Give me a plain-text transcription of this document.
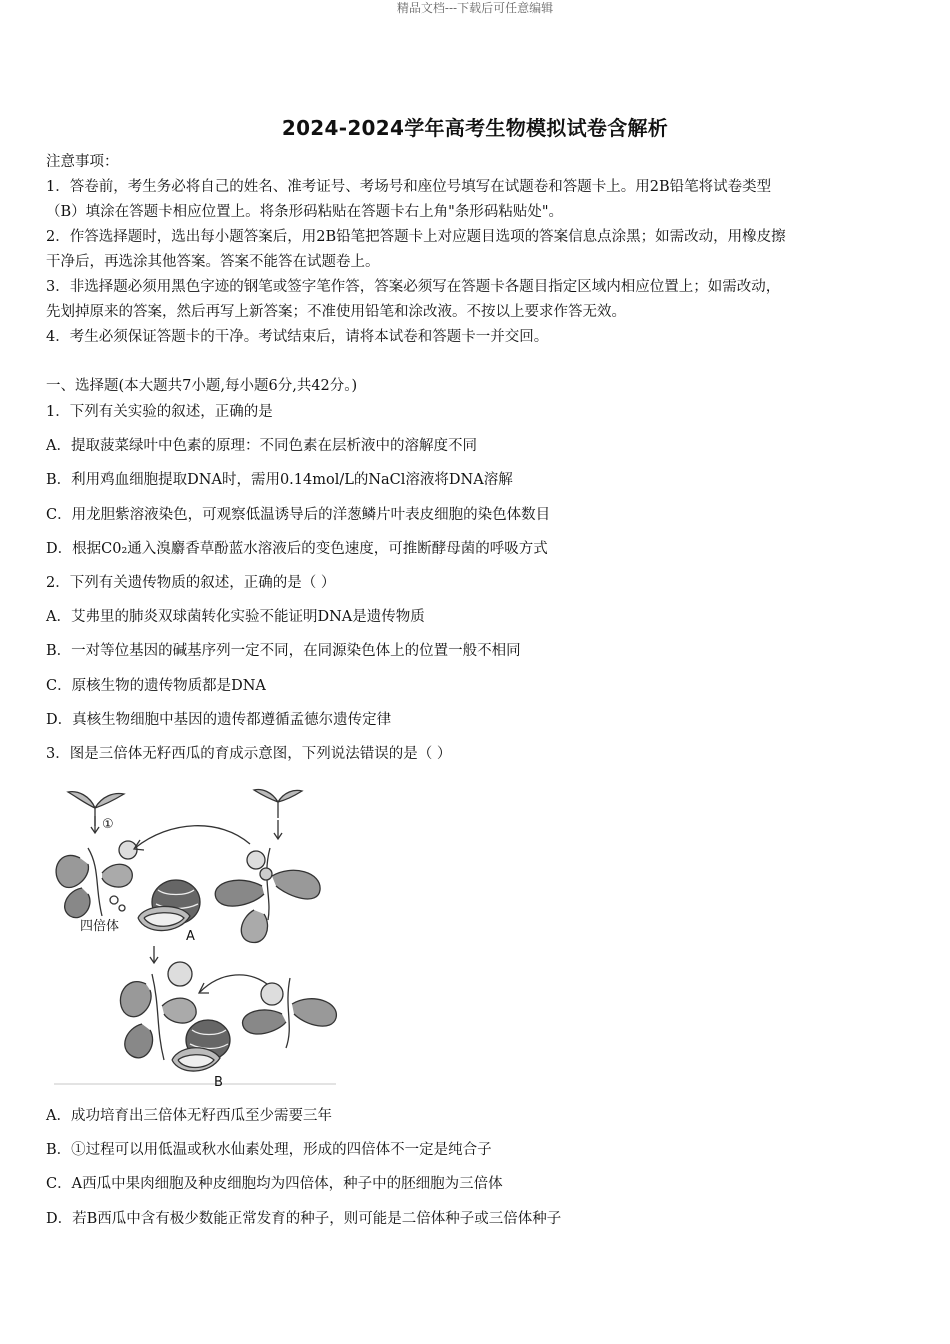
精品文档---下载后可任意编辑
2024-2024学年高考生物模拟试卷含解析

注意事项：

1．答卷前，考生务必将自己的姓名、准考证号、考场号和座位号填写在试题卷和答题卡上。用2B铅笔将试卷类型

（B）填涂在答题卡相应位置上。将条形码粘贴在答题卡右上角"条形码粘贴处"。

2．作答选择题时，选出每小题答案后，用2B铅笔把答题卡上对应题目选项的答案信息点涂黑；如需改动，用橡皮擦

干净后，再选涂其他答案。答案不能答在试题卷上。

3．非选择题必须用黑色字迹的钢笔或签字笔作答，答案必须写在答题卡各题目指定区域内相应位置上；如需改动，

先划掉原来的答案，然后再写上新答案；不准使用铅笔和涂改液。不按以上要求作答无效。

4．考生必须保证答题卡的干净。考试结束后，请将本试卷和答题卡一并交回。

一、选择题(本大题共7小题,每小题6分,共42分。)

1．下列有关实验的叙述，正确的是

A．提取菠菜绿叶中色素的原理：不同色素在层析液中的溶解度不同

B．利用鸡血细胞提取DNA时，需用0.14mol/L的NaCl溶液将DNA溶解

C．用龙胆紫溶液染色，可观察低温诱导后的洋葱鳞片叶表皮细胞的染色体数目

D．根据C0₂通入溴麝香草酚蓝水溶液后的变色速度，可推断酵母菌的呼吸方式

2．下列有关遗传物质的叙述，正确的是（ ）

A．艾弗里的肺炎双球菌转化实验不能证明DNA是遗传物质

B．一对等位基因的碱基序列一定不同，在同源染色体上的位置一般不相同

C．原核生物的遗传物质都是DNA

D．真核生物细胞中基因的遗传都遵循孟德尔遗传定律

3．图是三倍体无籽西瓜的育成示意图，下列说法错误的是（ ）

①
四倍体
A
B

A．成功培育出三倍体无籽西瓜至少需要三年

B．①过程可以用低温或秋水仙素处理，形成的四倍体不一定是纯合子

C．A西瓜中果肉细胞及种皮细胞均为四倍体，种子中的胚细胞为三倍体

D．若B西瓜中含有极少数能正常发育的种子，则可能是二倍体种子或三倍体种子
